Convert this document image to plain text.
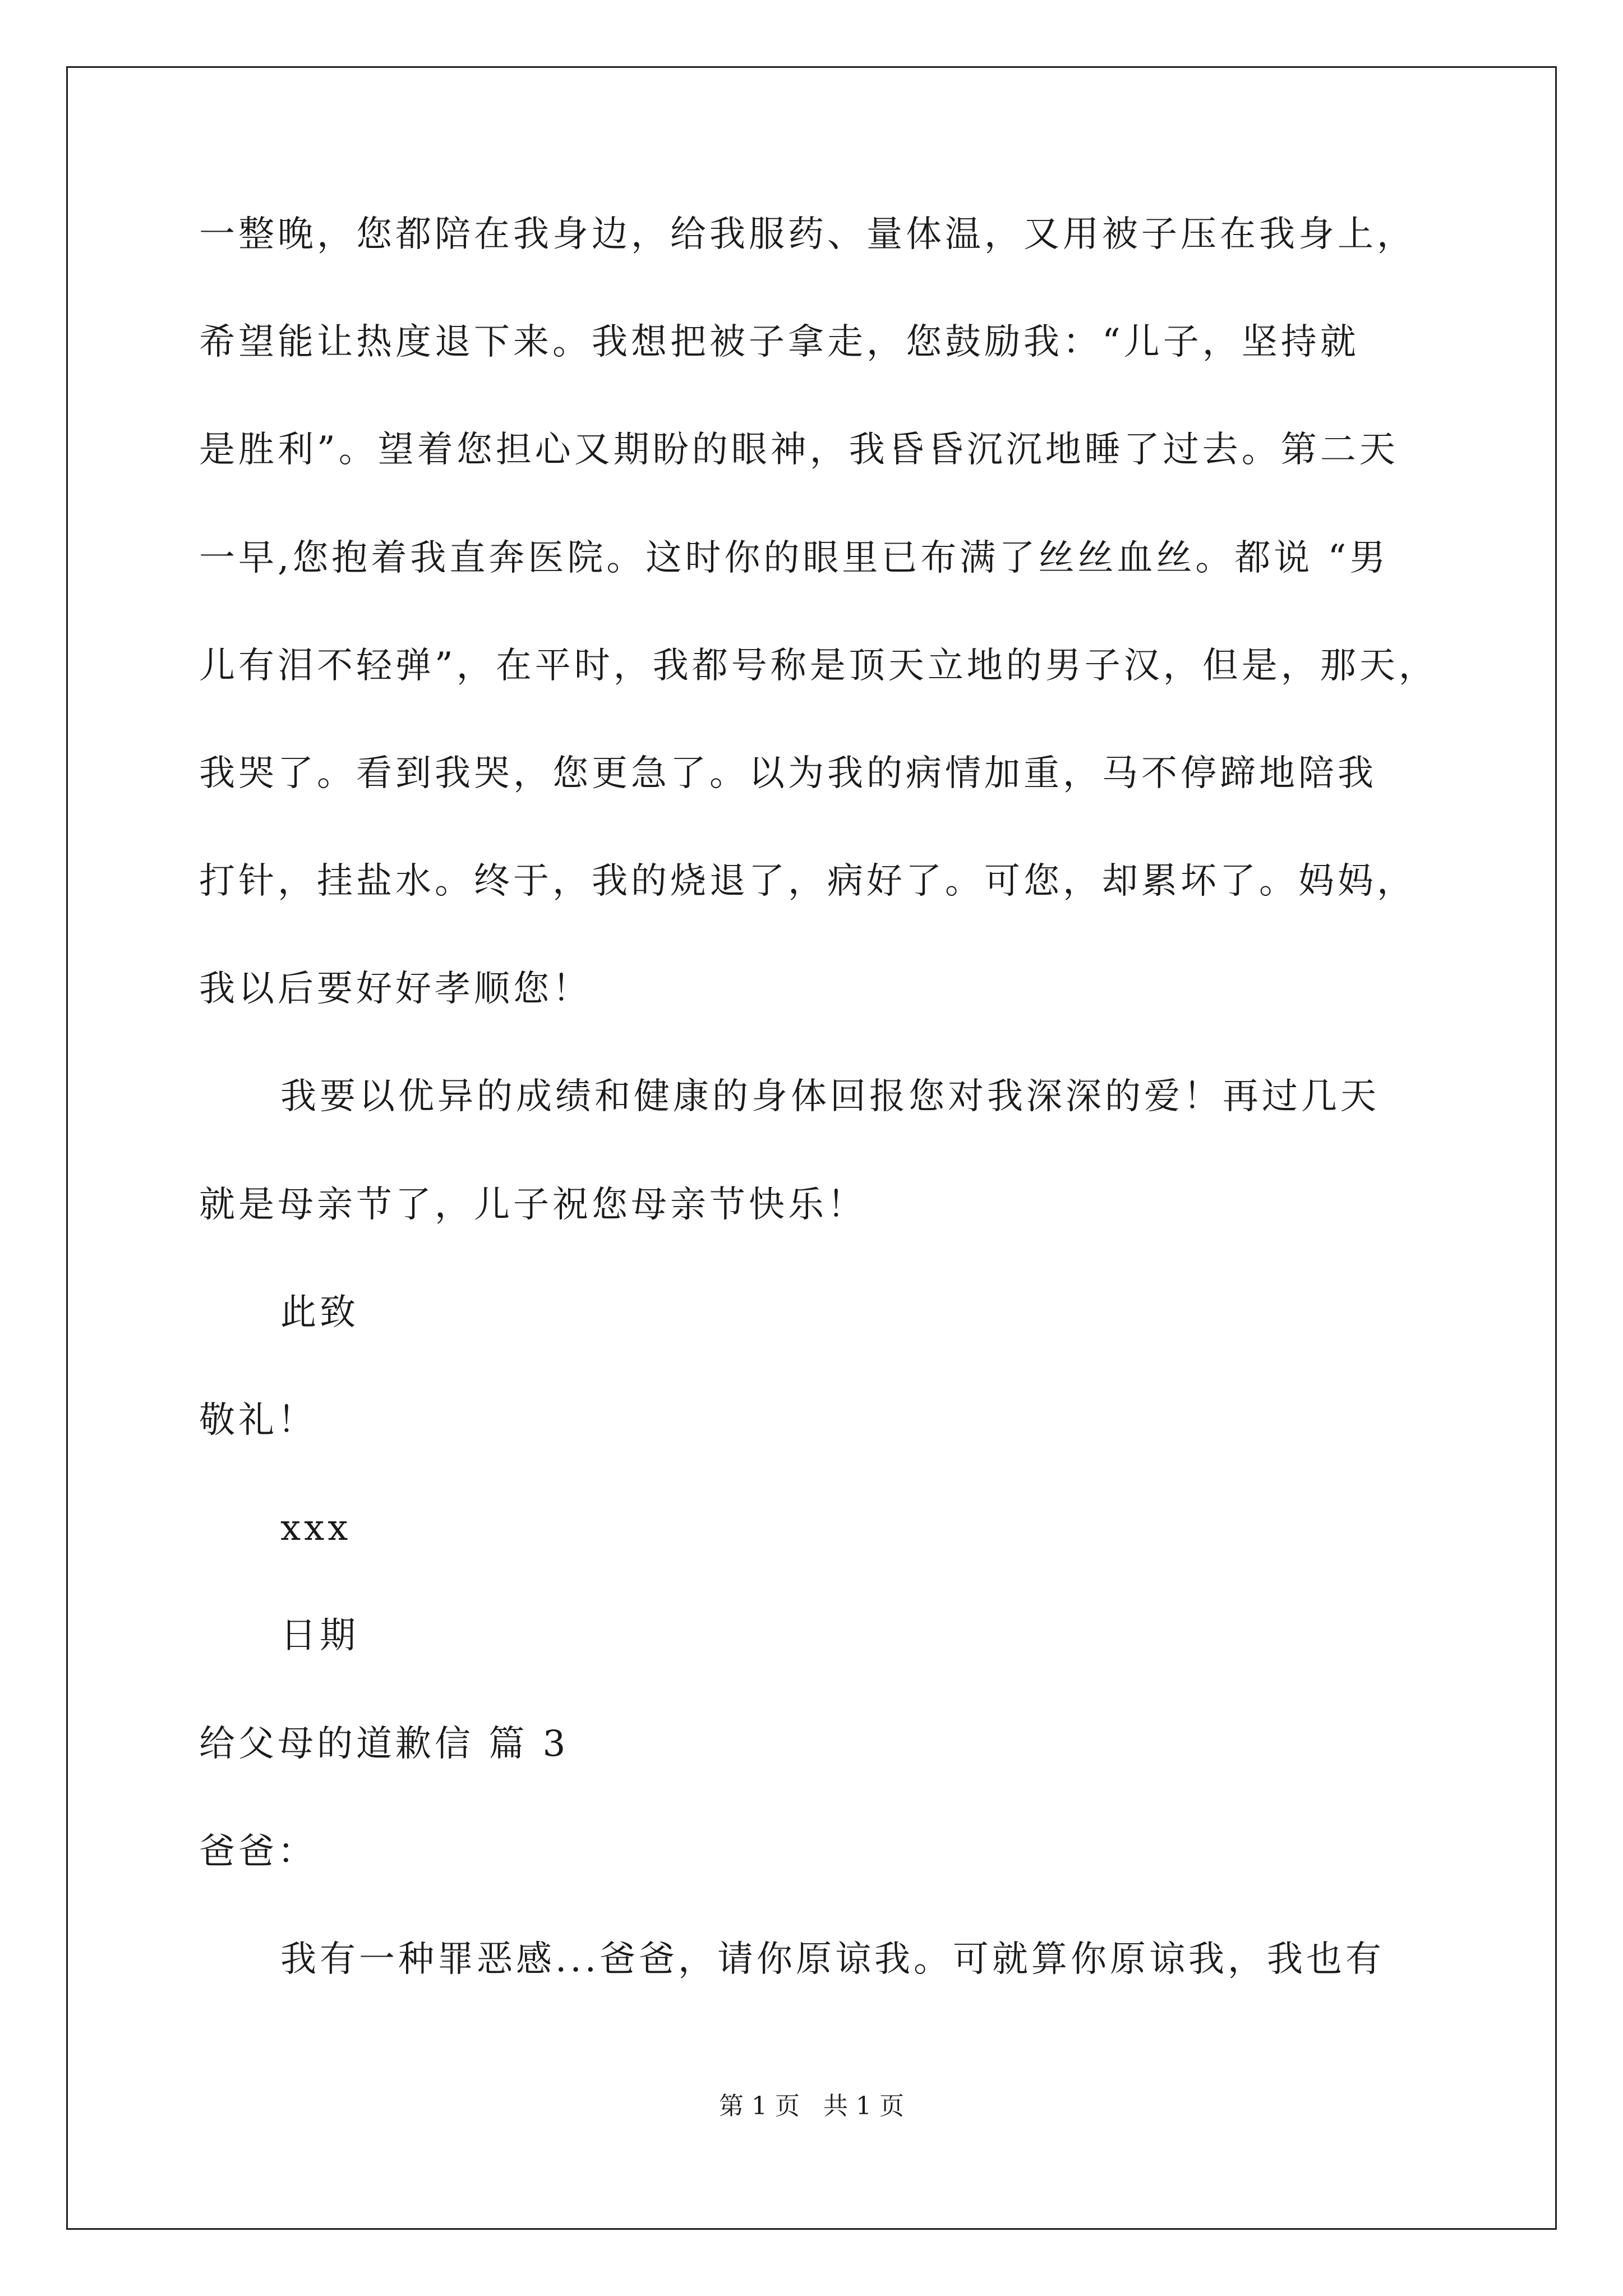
一整晚，您都陪在我身边，给我服药、量体温，又用被子压在我身上，
希望能让热度退下来。我想把被子拿走，您鼓励我：“儿子，坚持就
是胜利”。望着您担心又期盼的眼神，我昏昏沉沉地睡了过去。第二天
一早,您抱着我直奔医院。这时你的眼里已布满了丝丝血丝。都说 “男
儿有泪不轻弹”，在平时，我都号称是顶天立地的男子汉，但是，那天，
我哭了。看到我哭，您更急了。以为我的病情加重，马不停蹄地陪我
打针，挂盐水。终于，我的烧退了，病好了。可您，却累坏了。妈妈，
我以后要好好孝顺您！
我要以优异的成绩和健康的身体回报您对我深深的爱！再过几天
就是母亲节了，儿子祝您母亲节快乐！
此致
敬礼！
xxx
日期
给父母的道歉信 篇 3
爸爸：
我有一种罪恶感...爸爸，请你原谅我。可就算你原谅我，我也有
第 1 页   共 1 页
